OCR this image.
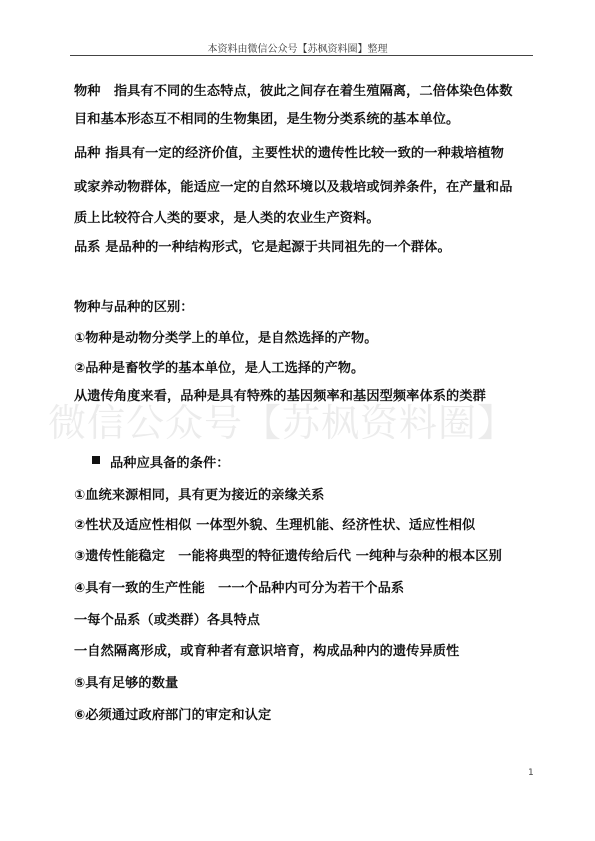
本资料由微信公众号【苏枫资料圈】整理
微信公众号【苏枫资料圈】
物种　指具有不同的生态特点，彼此之间存在着生殖隔离，二倍体染色体数
目和基本形态互不相同的生物集团，是生物分类系统的基本单位。
品种 指具有一定的经济价值，主要性状的遗传性比较一致的一种栽培植物
或家养动物群体，能适应一定的自然环境以及栽培或饲养条件，在产量和品
质上比较符合人类的要求，是人类的农业生产资料。
品系 是品种的一种结构形式，它是起源于共同祖先的一个群体。
物种与品种的区别：
①物种是动物分类学上的单位，是自然选择的产物。
②品种是畜牧学的基本单位，是人工选择的产物。
从遗传角度来看，品种是具有特殊的基因频率和基因型频率体系的类群
品种应具备的条件：
①血统来源相同，具有更为接近的亲缘关系
②性状及适应性相似 一体型外貌、生理机能、经济性状、适应性相似
③遗传性能稳定　一能将典型的特征遗传给后代 一纯种与杂种的根本区别
④具有一致的生产性能　一一个品种内可分为若干个品系
一每个品系（或类群）各具特点
一自然隔离形成，或育种者有意识培育，构成品种内的遗传异质性
⑤具有足够的数量
⑥必须通过政府部门的审定和认定
1
